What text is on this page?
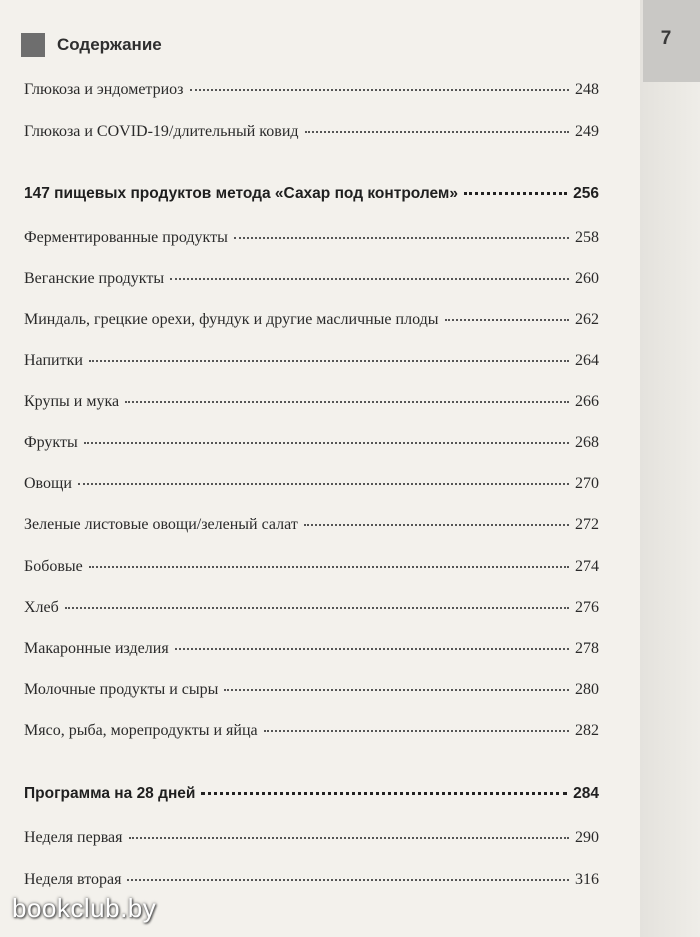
Содержание
Глюкоза и эндометриоз	248
Глюкоза и COVID-19/длительный ковид	249
147 пищевых продуктов метода «Сахар под контролем»	256
Ферментированные продукты	258
Веганские продукты	260
Миндаль, грецкие орехи, фундук и другие масличные плоды	262
Напитки	264
Крупы и мука	266
Фрукты	268
Овощи	270
Зеленые листовые овощи/зеленый салат	272
Бобовые	274
Хлеб	276
Макаронные изделия	278
Молочные продукты и сыры	280
Мясо, рыба, морепродукты и яйца	282
Программа на 28 дней	284
Неделя первая	290
Неделя вторая	316
7
bookclub.by
